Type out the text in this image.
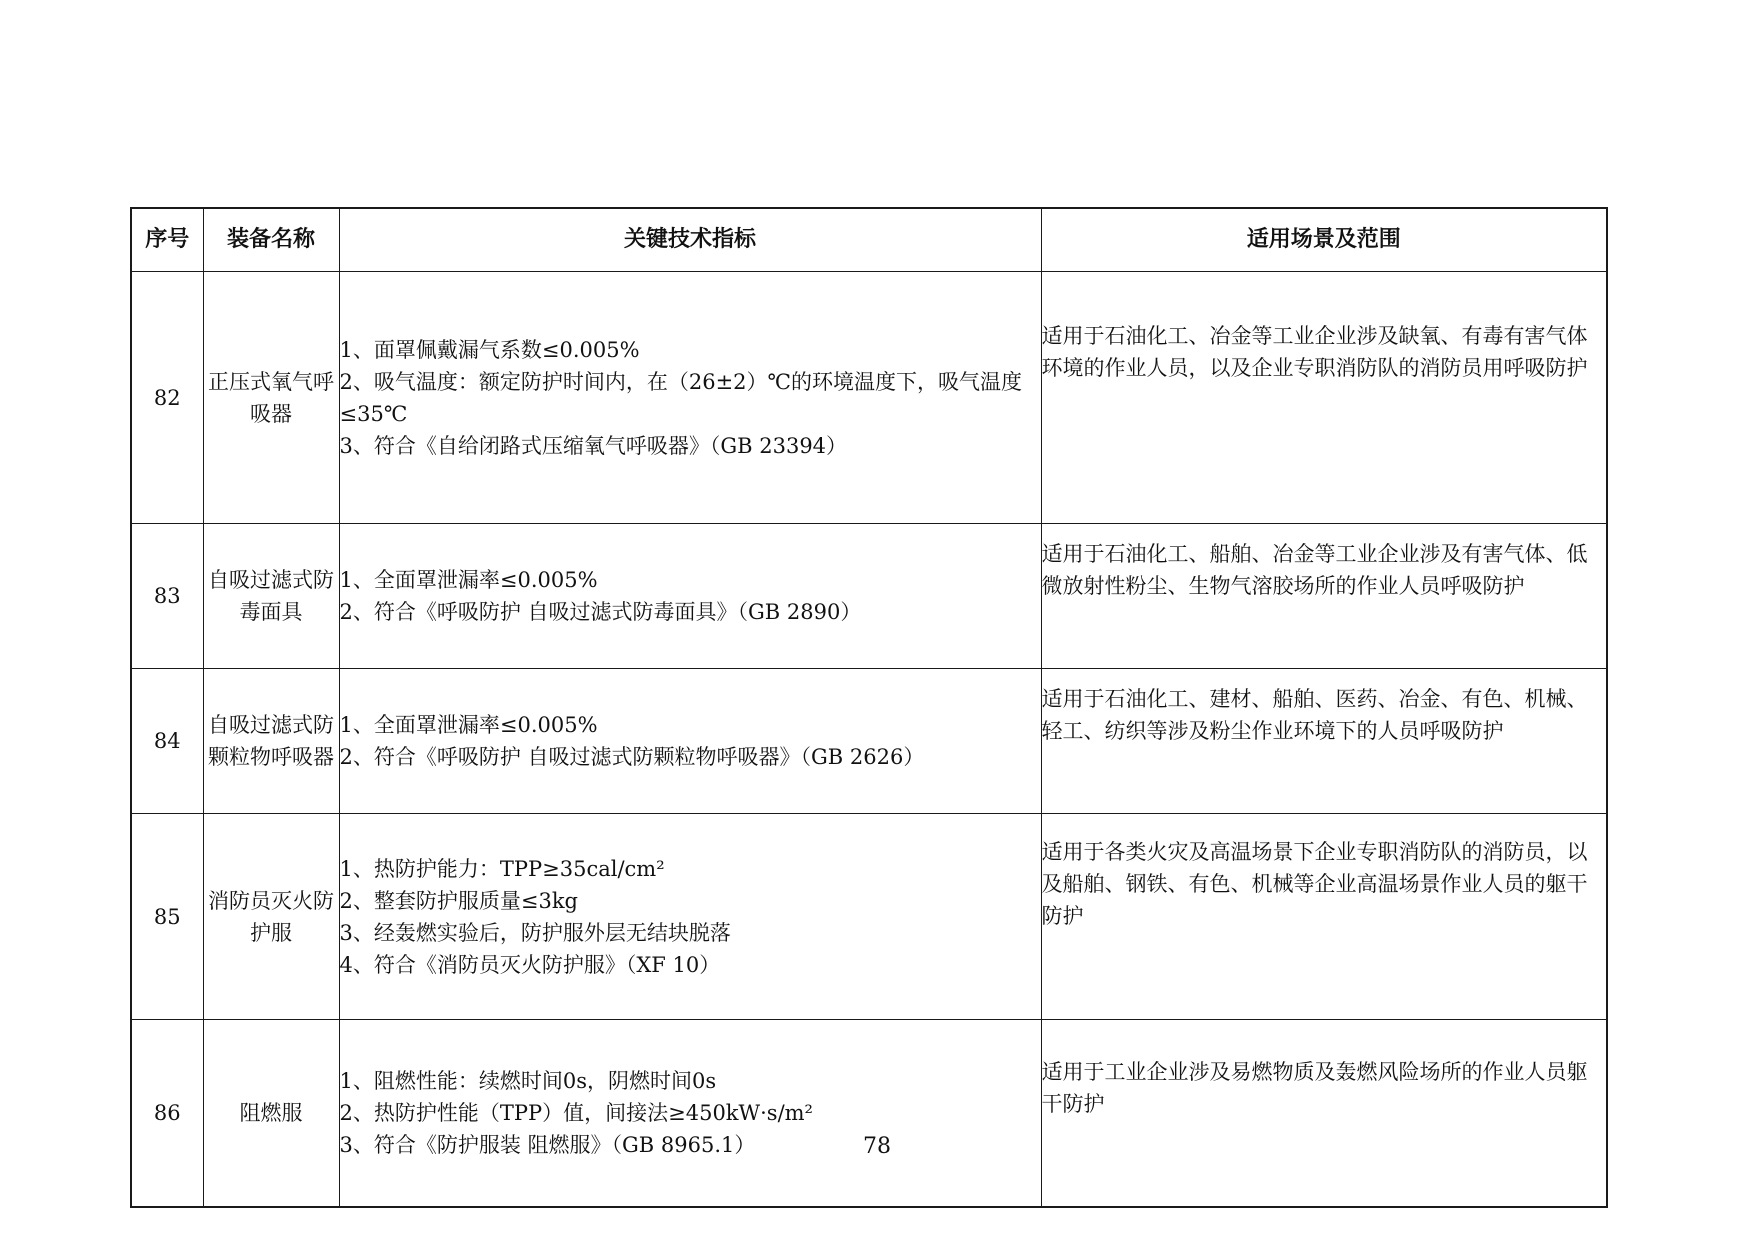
序号	装备名称	关键技术指标	适用场景及范围
82	正压式氧气呼吸器	1、面罩佩戴漏气系数≤0.005%
2、吸气温度：额定防护时间内，在（26±2）℃的环境温度下，吸气温度≤35℃
3、符合《自给闭路式压缩氧气呼吸器》（GB 23394）	适用于石油化工、冶金等工业企业涉及缺氧、有毒有害气体环境的作业人员，以及企业专职消防队的消防员用呼吸防护
83	自吸过滤式防毒面具	1、全面罩泄漏率≤0.005%
2、符合《呼吸防护 自吸过滤式防毒面具》（GB 2890）	适用于石油化工、船舶、冶金等工业企业涉及有害气体、低微放射性粉尘、生物气溶胶场所的作业人员呼吸防护
84	自吸过滤式防颗粒物呼吸器	1、全面罩泄漏率≤0.005%
2、符合《呼吸防护 自吸过滤式防颗粒物呼吸器》（GB 2626）	适用于石油化工、建材、船舶、医药、冶金、有色、机械、轻工、纺织等涉及粉尘作业环境下的人员呼吸防护
85	消防员灭火防护服	1、热防护能力：TPP≥35cal/cm²
2、整套防护服质量≤3kg
3、经轰燃实验后，防护服外层无结块脱落
4、符合《消防员灭火防护服》（XF 10）	适用于各类火灾及高温场景下企业专职消防队的消防员，以及船舶、钢铁、有色、机械等企业高温场景作业人员的躯干防护
86	阻燃服	1、阻燃性能：续燃时间0s，阴燃时间0s
2、热防护性能（TPP）值，间接法≥450kW·s/m²
3、符合《防护服装 阻燃服》（GB 8965.1）	适用于工业企业涉及易燃物质及轰燃风险场所的作业人员躯干防护
78
